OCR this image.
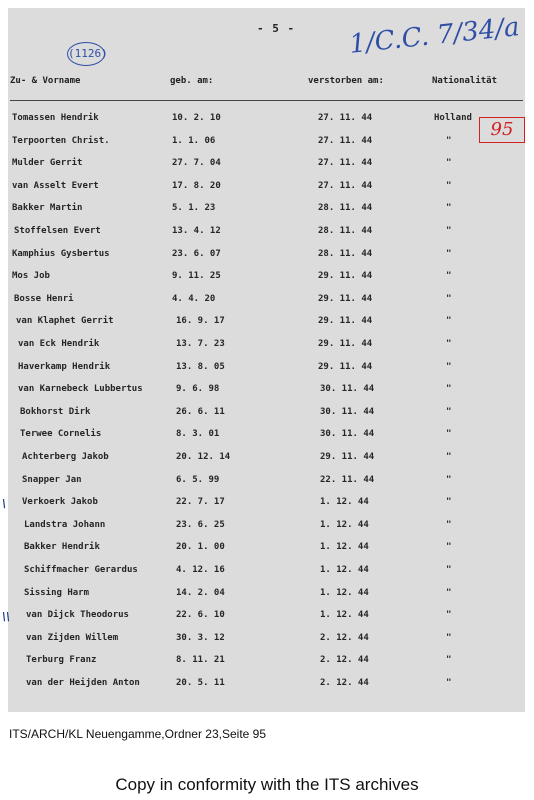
- 5 - 1/C.C. 7/34/a
(1126)
Zu- & Vorname	geb. am:	verstorben am:	Nationalität
95
Tomassen Hendrik	10. 2. 10	27. 11. 44	Holland
Terpoorten Christ.	1. 1. 06	27. 11. 44	"
Mulder Gerrit	27. 7. 04	27. 11. 44	"
van Asselt Evert	17. 8. 20	27. 11. 44	"
Bakker Martin	5. 1. 23	28. 11. 44	"
Stoffelsen Evert	13. 4. 12	28. 11. 44	"
Kamphius Gysbertus	23. 6. 07	28. 11. 44	"
Mos Job	9. 11. 25	29. 11. 44	"
Bosse Henri	4. 4. 20	29. 11. 44	"
van Klaphet Gerrit	16. 9. 17	29. 11. 44	"
van Eck Hendrik	13. 7. 23	29. 11. 44	"
Haverkamp Hendrik	13. 8. 05	29. 11. 44	"
van Karnebeck Lubbertus	9. 6. 98	30. 11. 44	"
Bokhorst Dirk	26. 6. 11	30. 11. 44	"
Terwee Cornelis	8. 3. 01	30. 11. 44	"
Achterberg Jakob	20. 12. 14	29. 11. 44	"
Snapper Jan	6. 5. 99	22. 11. 44	"
Verkoerk Jakob	22. 7. 17	1. 12. 44	"
\
Landstra Johann	23. 6. 25	1. 12. 44	"
Bakker Hendrik	20. 1. 00	1. 12. 44	"
Schiffmacher Gerardus	4. 12. 16	1. 12. 44	"
Sissing Harm	14. 2. 04	1. 12. 44	"
van Dijck Theodorus	22. 6. 10	1. 12. 44	"
\\
van Zijden Willem	30. 3. 12	2. 12. 44	"
Terburg Franz	8. 11. 21	2. 12. 44	"
van der Heijden Anton	20. 5. 11	2. 12. 44	"
ITS/ARCH/KL Neuengamme,Ordner 23,Seite 95
Copy in conformity with the ITS archives
